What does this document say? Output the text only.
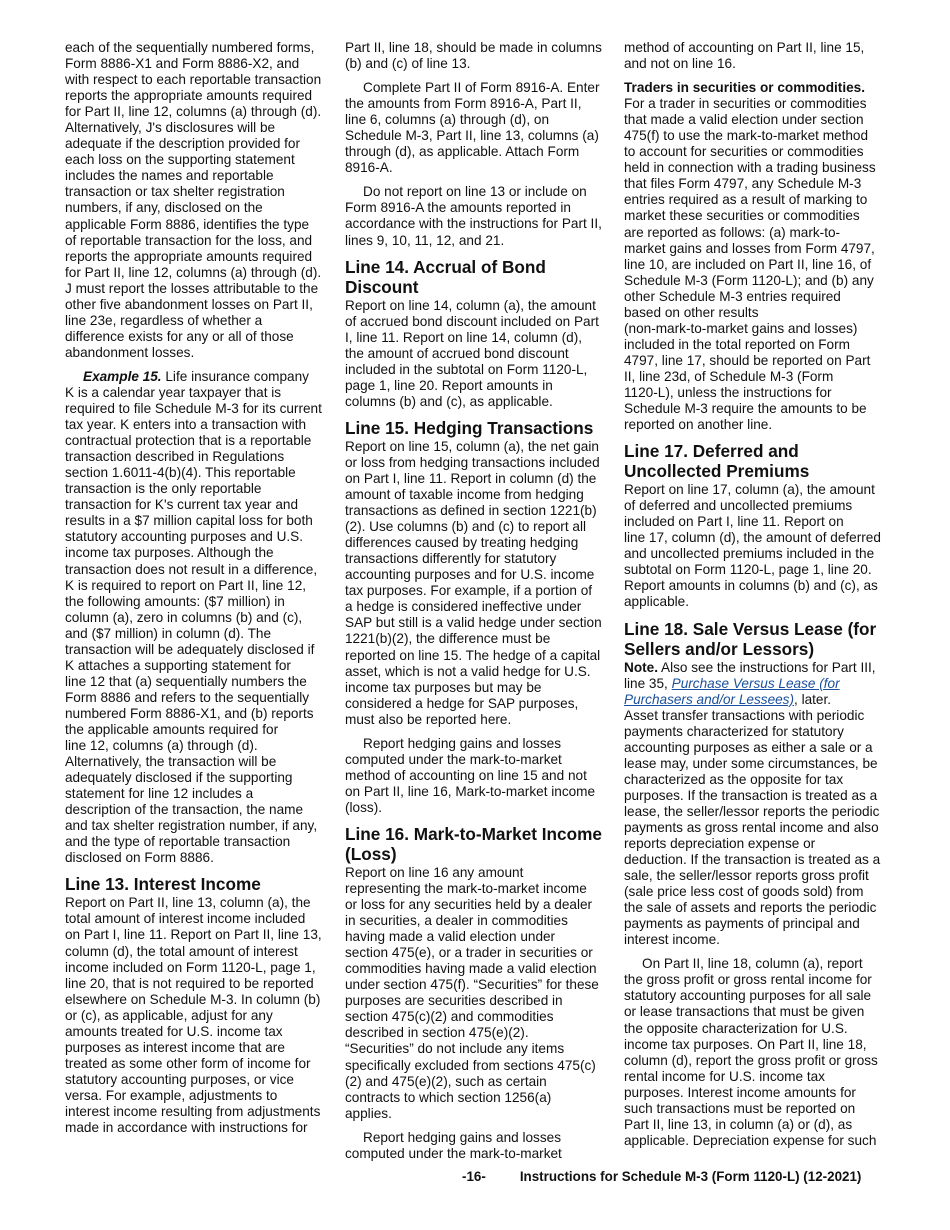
each of the sequentially numbered forms,
Form 8886-X1 and Form 8886-X2, and
with respect to each reportable transaction
reports the appropriate amounts required
for Part II, line 12, columns (a) through (d).
Alternatively, J's disclosures will be
adequate if the description provided for
each loss on the supporting statement
includes the names and reportable
transaction or tax shelter registration
numbers, if any, disclosed on the
applicable Form 8886, identifies the type
of reportable transaction for the loss, and
reports the appropriate amounts required
for Part II, line 12, columns (a) through (d).
J must report the losses attributable to the
other five abandonment losses on Part II,
line 23e, regardless of whether a
difference exists for any or all of those
abandonment losses.

Example 15. Life insurance company
K is a calendar year taxpayer that is
required to file Schedule M-3 for its current
tax year. K enters into a transaction with
contractual protection that is a reportable
transaction described in Regulations
section 1.6011-4(b)(4). This reportable
transaction is the only reportable
transaction for K's current tax year and
results in a $7 million capital loss for both
statutory accounting purposes and U.S.
income tax purposes. Although the
transaction does not result in a difference,
K is required to report on Part II, line 12,
the following amounts: ($7 million) in
column (a), zero in columns (b) and (c),
and ($7 million) in column (d). The
transaction will be adequately disclosed if
K attaches a supporting statement for
line 12 that (a) sequentially numbers the
Form 8886 and refers to the sequentially
numbered Form 8886-X1, and (b) reports
the applicable amounts required for
line 12, columns (a) through (d).
Alternatively, the transaction will be
adequately disclosed if the supporting
statement for line 12 includes a
description of the transaction, the name
and tax shelter registration number, if any,
and the type of reportable transaction
disclosed on Form 8886.

Line 13. Interest Income

Report on Part II, line 13, column (a), the
total amount of interest income included
on Part I, line 11. Report on Part II, line 13,
column (d), the total amount of interest
income included on Form 1120-L, page 1,
line 20, that is not required to be reported
elsewhere on Schedule M-3. In column (b)
or (c), as applicable, adjust for any
amounts treated for U.S. income tax
purposes as interest income that are
treated as some other form of income for
statutory accounting purposes, or vice
versa. For example, adjustments to
interest income resulting from adjustments
made in accordance with instructions for

Part II, line 18, should be made in columns
(b) and (c) of line 13.

Complete Part II of Form 8916-A. Enter
the amounts from Form 8916-A, Part II,
line 6, columns (a) through (d), on
Schedule M-3, Part II, line 13, columns (a)
through (d), as applicable. Attach Form
8916-A.

Do not report on line 13 or include on
Form 8916-A the amounts reported in
accordance with the instructions for Part II,
lines 9, 10, 11, 12, and 21.

Line 14. Accrual of Bond
Discount

Report on line 14, column (a), the amount
of accrued bond discount included on Part
I, line 11. Report on line 14, column (d),
the amount of accrued bond discount
included in the subtotal on Form 1120-L,
page 1, line 20. Report amounts in
columns (b) and (c), as applicable.

Line 15. Hedging Transactions

Report on line 15, column (a), the net gain
or loss from hedging transactions included
on Part I, line 11. Report in column (d) the
amount of taxable income from hedging
transactions as defined in section 1221(b)
(2). Use columns (b) and (c) to report all
differences caused by treating hedging
transactions differently for statutory
accounting purposes and for U.S. income
tax purposes. For example, if a portion of
a hedge is considered ineffective under
SAP but still is a valid hedge under section
1221(b)(2), the difference must be
reported on line 15. The hedge of a capital
asset, which is not a valid hedge for U.S.
income tax purposes but may be
considered a hedge for SAP purposes,
must also be reported here.

Report hedging gains and losses
computed under the mark-to-market
method of accounting on line 15 and not
on Part II, line 16, Mark-to-market income
(loss).

Line 16. Mark-to-Market Income
(Loss)

Report on line 16 any amount
representing the mark-to-market income
or loss for any securities held by a dealer
in securities, a dealer in commodities
having made a valid election under
section 475(e), or a trader in securities or
commodities having made a valid election
under section 475(f). “Securities” for these
purposes are securities described in
section 475(c)(2) and commodities
described in section 475(e)(2).
“Securities” do not include any items
specifically excluded from sections 475(c)
(2) and 475(e)(2), such as certain
contracts to which section 1256(a)
applies.

Report hedging gains and losses
computed under the mark-to-market

method of accounting on Part II, line 15,
and not on line 16.

Traders in securities or commodities.

For a trader in securities or commodities
that made a valid election under section
475(f) to use the mark-to-market method
to account for securities or commodities
held in connection with a trading business
that files Form 4797, any Schedule M-3
entries required as a result of marking to
market these securities or commodities
are reported as follows: (a) mark-to-
market gains and losses from Form 4797,
line 10, are included on Part II, line 16, of
Schedule M-3 (Form 1120-L); and (b) any
other Schedule M-3 entries required
based on other results
(non-mark-to-market gains and losses)
included in the total reported on Form
4797, line 17, should be reported on Part
II, line 23d, of Schedule M-3 (Form
1120-L), unless the instructions for
Schedule M-3 require the amounts to be
reported on another line.

Line 17. Deferred and
Uncollected Premiums

Report on line 17, column (a), the amount
of deferred and uncollected premiums
included on Part I, line 11. Report on
line 17, column (d), the amount of deferred
and uncollected premiums included in the
subtotal on Form 1120-L, page 1, line 20.
Report amounts in columns (b) and (c), as
applicable.

Line 18. Sale Versus Lease (for
Sellers and/or Lessors)

Note. Also see the instructions for Part III,
line 35, Purchase Versus Lease (for
Purchasers and/or Lessees), later.

Asset transfer transactions with periodic
payments characterized for statutory
accounting purposes as either a sale or a
lease may, under some circumstances, be
characterized as the opposite for tax
purposes. If the transaction is treated as a
lease, the seller/lessor reports the periodic
payments as gross rental income and also
reports depreciation expense or
deduction. If the transaction is treated as a
sale, the seller/lessor reports gross profit
(sale price less cost of goods sold) from
the sale of assets and reports the periodic
payments as payments of principal and
interest income.

On Part II, line 18, column (a), report
the gross profit or gross rental income for
statutory accounting purposes for all sale
or lease transactions that must be given
the opposite characterization for U.S.
income tax purposes. On Part II, line 18,
column (d), report the gross profit or gross
rental income for U.S. income tax
purposes. Interest income amounts for
such transactions must be reported on
Part II, line 13, in column (a) or (d), as
applicable. Depreciation expense for such

-16-	Instructions for Schedule M-3 (Form 1120-L) (12-2021)
